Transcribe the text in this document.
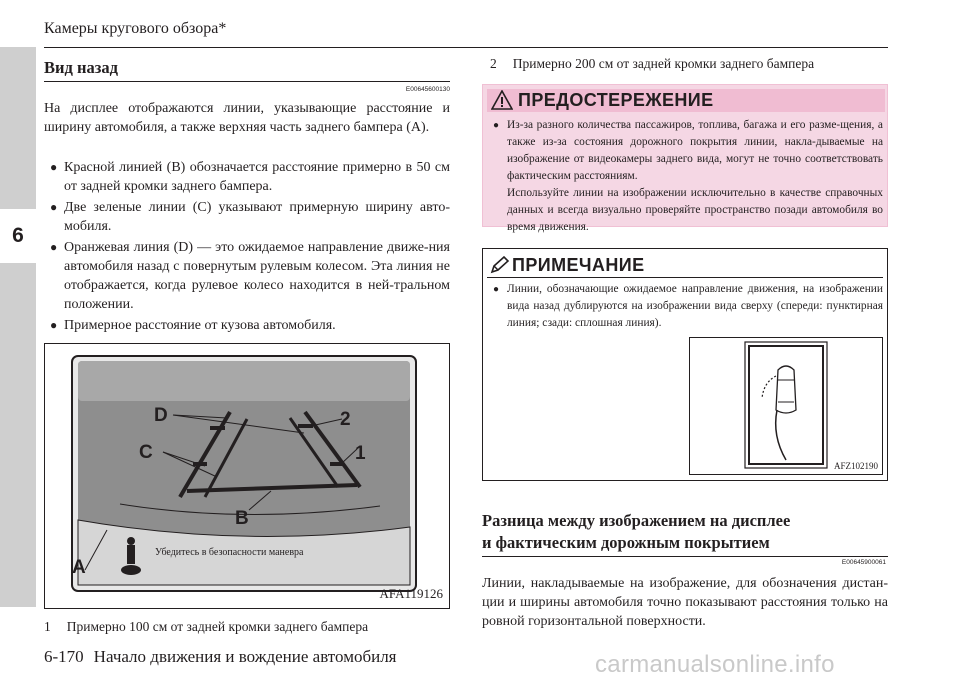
6
Камеры кругового обзора*
Вид назад
E00645600130
На дисплее отображаются линии, указывающие расстояние и ширину автомобиля, а также верхняя часть заднего бампера (A).
● Красной линией (B) обозначается расстояние примерно в 50 см от задней кромки заднего бампера.
● Две зеленые линии (C) указывают примерную ширину авто-мобиля.
● Оранжевая линия (D) — это ожидаемое направление движе-ния автомобиля назад с повернутым рулевым колесом. Эта линия не отображается, когда рулевое колесо находится в ней-тральном положении.
● Примерное расстояние от кузова автомобиля.
D
C
B
A
2
1
Убедитесь в безопасности маневра
AFA119126
1 Примерно 100 см от задней кромки заднего бампера
2 Примерно 200 см от задней кромки заднего бампера
ПРЕДОСТЕРЕЖЕНИЕ
● Из-за разного количества пассажиров, топлива, багажа и его разме-щения, а также из-за состояния дорожного покрытия линии, накла-дываемые на изображение от видеокамеры заднего вида, могут не точно соответствовать фактическим расстояниям.
Используйте линии на изображении исключительно в качестве справочных данных и всегда визуально проверяйте пространство позади автомобиля во время движения.
ПРИМЕЧАНИЕ
● Линии, обозначающие ожидаемое направление движения, на изображении вида назад дублируются на изображении вида сверху (спереди: пунктирная линия; сзади: сплошная линия).
AFZ102190
Разница между изображением на дисплее
и фактическим дорожным покрытием
E00645900061
Линии, накладываемые на изображение, для обозначения дистан-ции и ширины автомобиля точно показывают расстояния только на ровной горизонтальной поверхности.
6-170 Начало движения и вождение автомобиля	carmanualsonline.info
